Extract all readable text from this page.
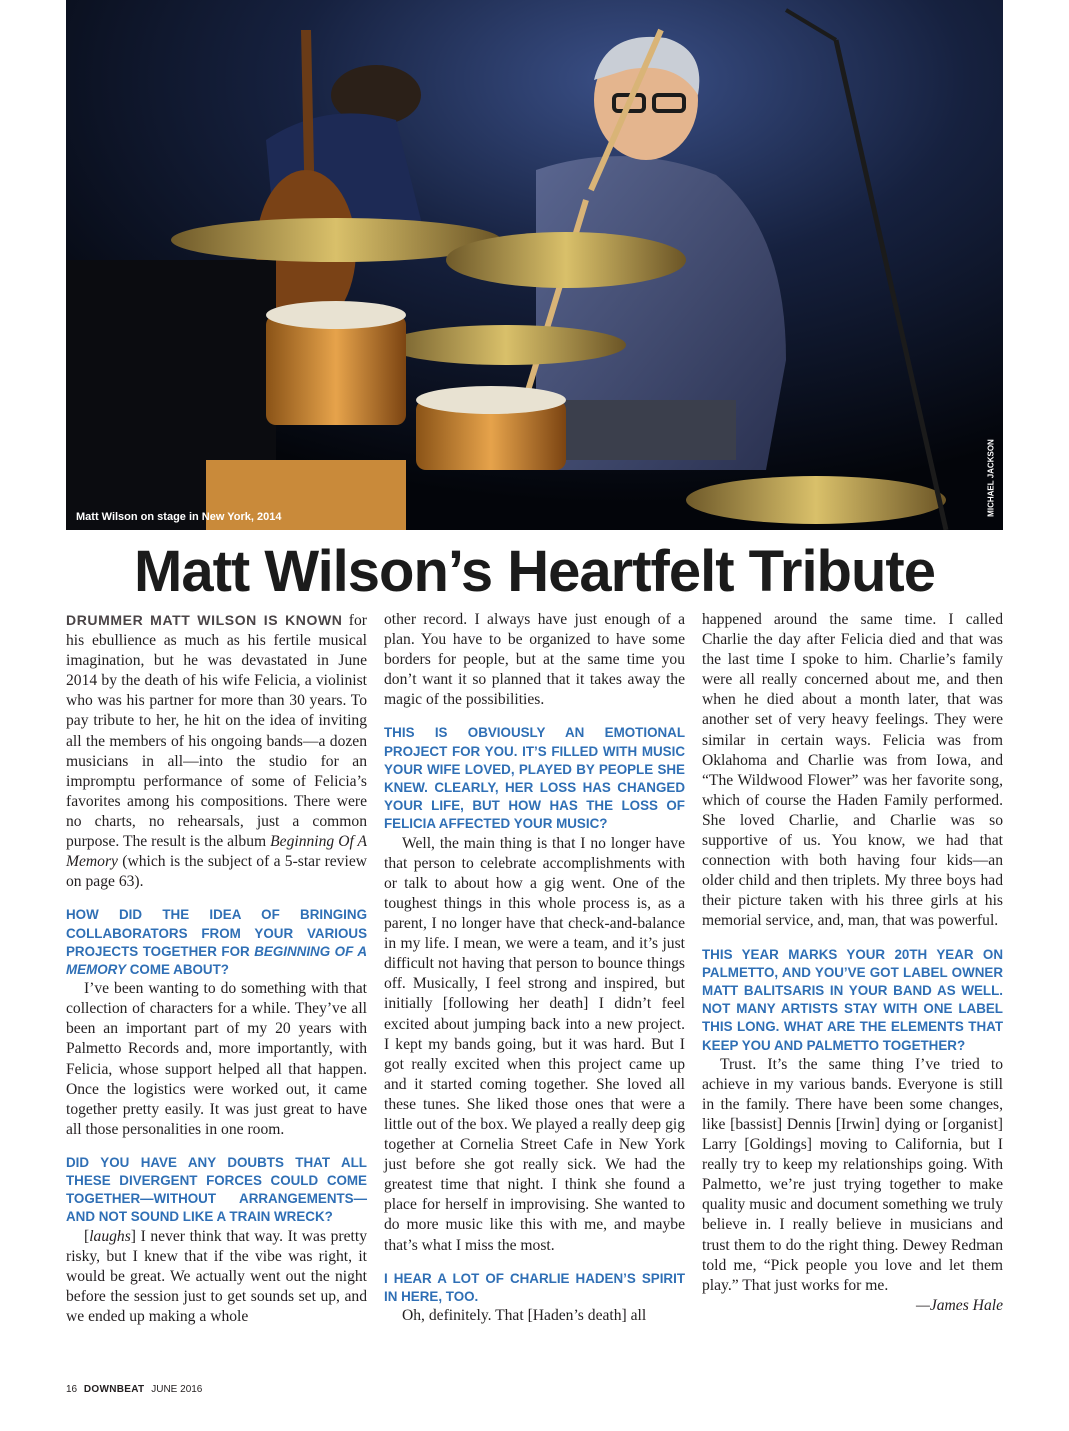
Matt Wilson on stage in New York, 2014
MICHAEL JACKSON
Matt Wilson’s Heartfelt Tribute

DRUMMER MATT WILSON IS KNOWN for his ebullience as much as his fertile musical imagination, but he was devastated in June 2014 by the death of his wife Felicia, a violinist who was his partner for more than 30 years. To pay tribute to her, he hit on the idea of inviting all the members of his ongoing bands—a dozen musicians in all—into the studio for an impromptu performance of some of Felicia’s favorites among his compositions. There were no charts, no rehearsals, just a common purpose. The result is the album Beginning Of A Memory (which is the subject of a 5-star review on page 63).

HOW DID THE IDEA OF BRINGING COLLABORATORS FROM YOUR VARIOUS PROJECTS TOGETHER FOR BEGINNING OF A MEMORY COME ABOUT?

I’ve been wanting to do something with that collection of characters for a while. They’ve all been an important part of my 20 years with Palmetto Records and, more importantly, with Felicia, whose support helped all that happen. Once the logistics were worked out, it came together pretty easily. It was just great to have all those personalities in one room.

DID YOU HAVE ANY DOUBTS THAT ALL THESE DIVERGENT FORCES COULD COME TOGETHER—WITHOUT ARRANGEMENTS—AND NOT SOUND LIKE A TRAIN WRECK?

[laughs] I never think that way. It was pretty risky, but I knew that if the vibe was right, it would be great. We actually went out the night before the session just to get sounds set up, and we ended up making a whole

other record. I always have just enough of a plan. You have to be organized to have some borders for people, but at the same time you don’t want it so planned that it takes away the magic of the possibilities.

THIS IS OBVIOUSLY AN EMOTIONAL PROJECT FOR YOU. IT’S FILLED WITH MUSIC YOUR WIFE LOVED, PLAYED BY PEOPLE SHE KNEW. CLEARLY, HER LOSS HAS CHANGED YOUR LIFE, BUT HOW HAS THE LOSS OF FELICIA AFFECTED YOUR MUSIC?

Well, the main thing is that I no longer have that person to celebrate accomplishments with or talk to about how a gig went. One of the toughest things in this whole process is, as a parent, I no longer have that check-and-balance in my life. I mean, we were a team, and it’s just difficult not having that person to bounce things off. Musically, I feel strong and inspired, but initially [following her death] I didn’t feel excited about jumping back into a new project. I kept my bands going, but it was hard. But I got really excited when this project came up and it started coming together. She loved all these tunes. She liked those ones that were a little out of the box. We played a really deep gig together at Cornelia Street Cafe in New York just before she got really sick. We had the greatest time that night. I think she found a place for herself in improvising. She wanted to do more music like this with me, and maybe that’s what I miss the most.

I HEAR A LOT OF CHARLIE HADEN’S SPIRIT IN HERE, TOO.

Oh, definitely. That [Haden’s death] all

happened around the same time. I called Charlie the day after Felicia died and that was the last time I spoke to him. Charlie’s family were all really concerned about me, and then when he died about a month later, that was another set of very heavy feelings. They were similar in certain ways. Felicia was from Oklahoma and Charlie was from Iowa, and “The Wildwood Flower” was her favorite song, which of course the Haden Family performed. She loved Charlie, and Charlie was so supportive of us. You know, we had that connection with both having four kids—an older child and then triplets. My three boys had their picture taken with his three girls at his memorial service, and, man, that was powerful.

THIS YEAR MARKS YOUR 20TH YEAR ON PALMETTO, AND YOU’VE GOT LABEL OWNER MATT BALITSARIS IN YOUR BAND AS WELL. NOT MANY ARTISTS STAY WITH ONE LABEL THIS LONG. WHAT ARE THE ELEMENTS THAT KEEP YOU AND PALMETTO TOGETHER?

Trust. It’s the same thing I’ve tried to achieve in my various bands. Everyone is still in the family. There have been some changes, like [bassist] Dennis [Irwin] dying or [organist] Larry [Goldings] moving to California, but I really try to keep my relationships going. With Palmetto, we’re just trying together to make quality music and document something we truly believe in. I really believe in musicians and trust them to do the right thing. Dewey Redman told me, “Pick people you love and let them play.” That just works for me.

—James Hale

16 DOWNBEAT JUNE 2016
